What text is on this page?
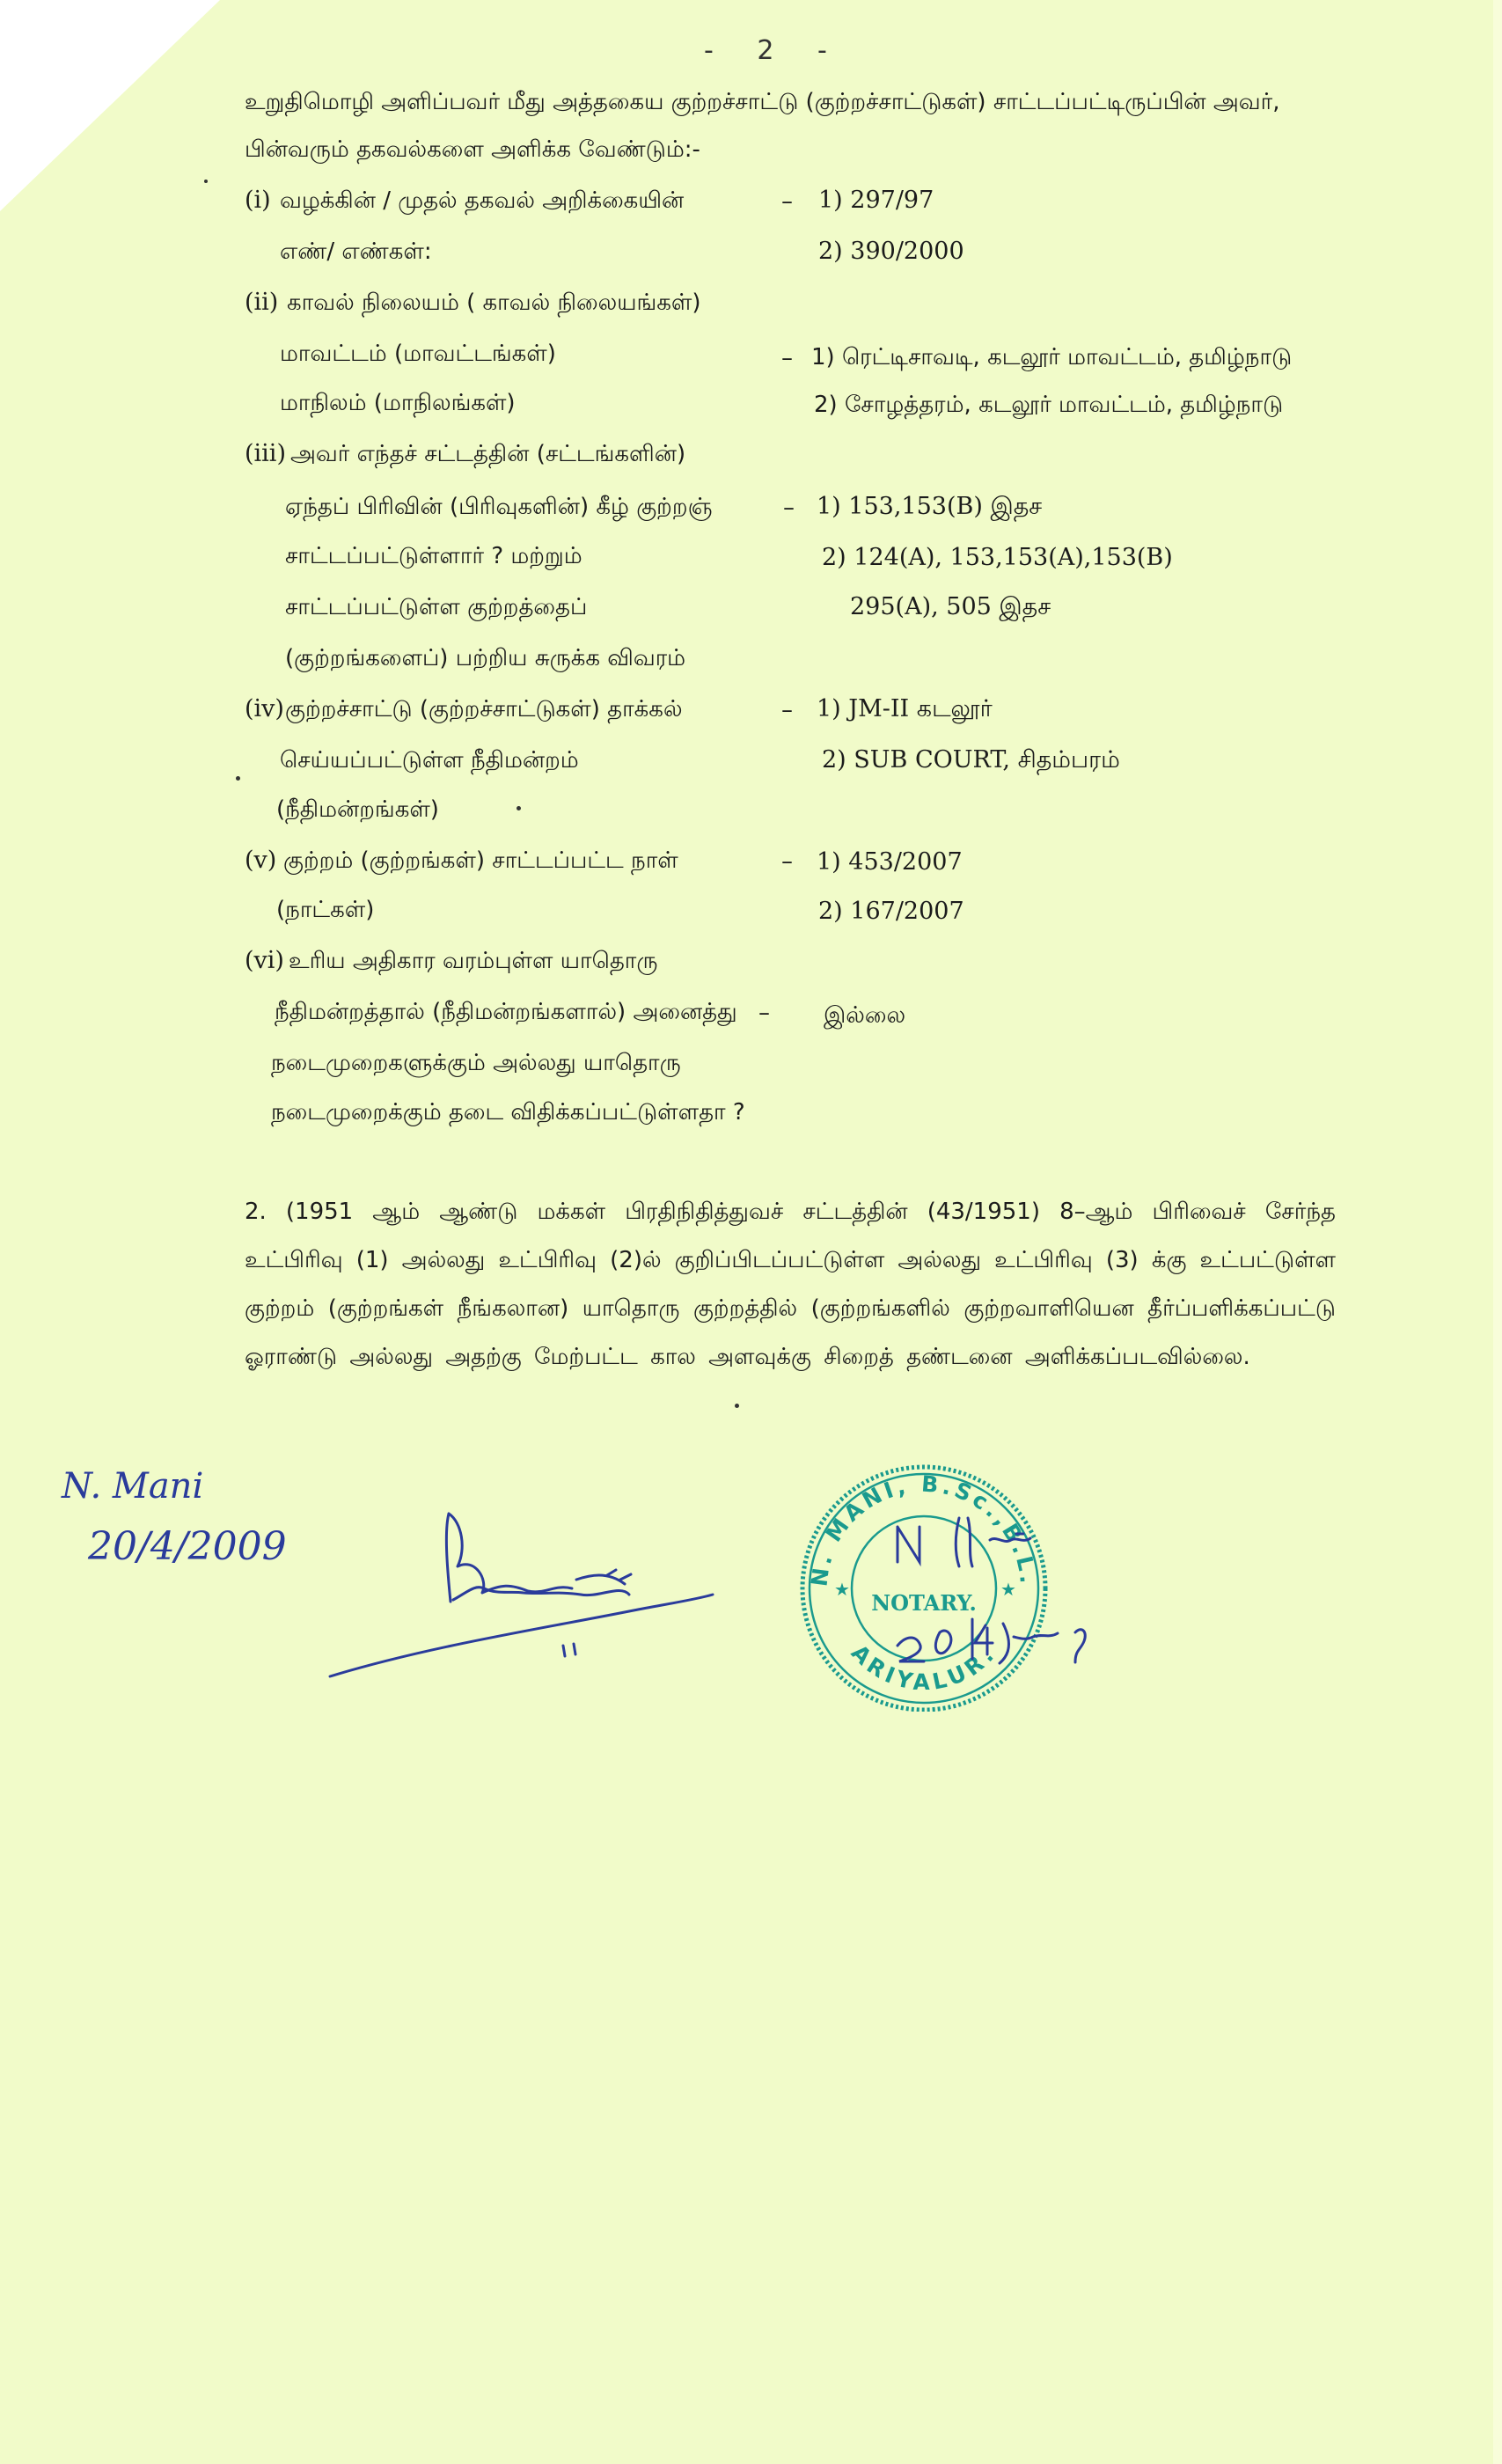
- 2 -
உறுதிமொழி அளிப்பவர் மீது அத்தகைய குற்றச்சாட்டு (குற்றச்சாட்டுகள்) சாட்டப்பட்டிருப்பின் அவர்,
பின்வரும் தகவல்களை அளிக்க வேண்டும்:-
(i) வழக்கின் / முதல் தகவல் அறிக்கையின்
எண்/ எண்கள்:
– 1) 297/97
2) 390/2000
(ii) காவல் நிலையம் ( காவல் நிலையங்கள்)
மாவட்டம் (மாவட்டங்கள்)
மாநிலம் (மாநிலங்கள்)
– 1) ரெட்டிசாவடி, கடலூர் மாவட்டம், தமிழ்நாடு
2) சோழத்தரம், கடலூர் மாவட்டம், தமிழ்நாடு
(iii) அவர் எந்தச் சட்டத்தின் (சட்டங்களின்)
ஏந்தப் பிரிவின் (பிரிவுகளின்) கீழ் குற்றஞ்
சாட்டப்பட்டுள்ளார் ? மற்றும்
சாட்டப்பட்டுள்ள குற்றத்தைப்
(குற்றங்களைப்) பற்றிய சுருக்க விவரம்
– 1) 153,153(B) இதச
2) 124(A), 153,153(A),153(B)
295(A), 505 இதச
(iv) குற்றச்சாட்டு (குற்றச்சாட்டுகள்) தாக்கல்
செய்யப்பட்டுள்ள நீதிமன்றம்
(நீதிமன்றங்கள்)
– 1) JM-II கடலூர்
2) SUB COURT, சிதம்பரம்
(v) குற்றம் (குற்றங்கள்) சாட்டப்பட்ட நாள்
(நாட்கள்)
– 1) 453/2007
2) 167/2007
(vi) உரிய அதிகார வரம்புள்ள யாதொரு
நீதிமன்றத்தால் (நீதிமன்றங்களால்) அனைத்து –
நடைமுறைகளுக்கும் அல்லது யாதொரு
நடைமுறைக்கும் தடை விதிக்கப்பட்டுள்ளதா ?
இல்லை
2. (1951 ஆம் ஆண்டு மக்கள் பிரதிநிதித்துவச் சட்டத்தின் (43/1951) 8–ஆம் பிரிவைச் சேர்ந்த உட்பிரிவு (1) அல்லது உட்பிரிவு (2)ல் குறிப்பிடப்பட்டுள்ள அல்லது உட்பிரிவு (3) க்கு உட்பட்டுள்ள குற்றம் (குற்றங்கள் நீங்கலான) யாதொரு குற்றத்தில் (குற்றங்களில் குற்றவாளியென தீர்ப்பளிக்கப்பட்டு ஓராண்டு அல்லது அதற்கு மேற்பட்ட கால அளவுக்கு சிறைத் தண்டனை அளிக்கப்படவில்லை.
N. Mani
20/4/2009
N. MANI, B.Sc.,B.L.
ARIYALUR.
NOTARY.
★	★
